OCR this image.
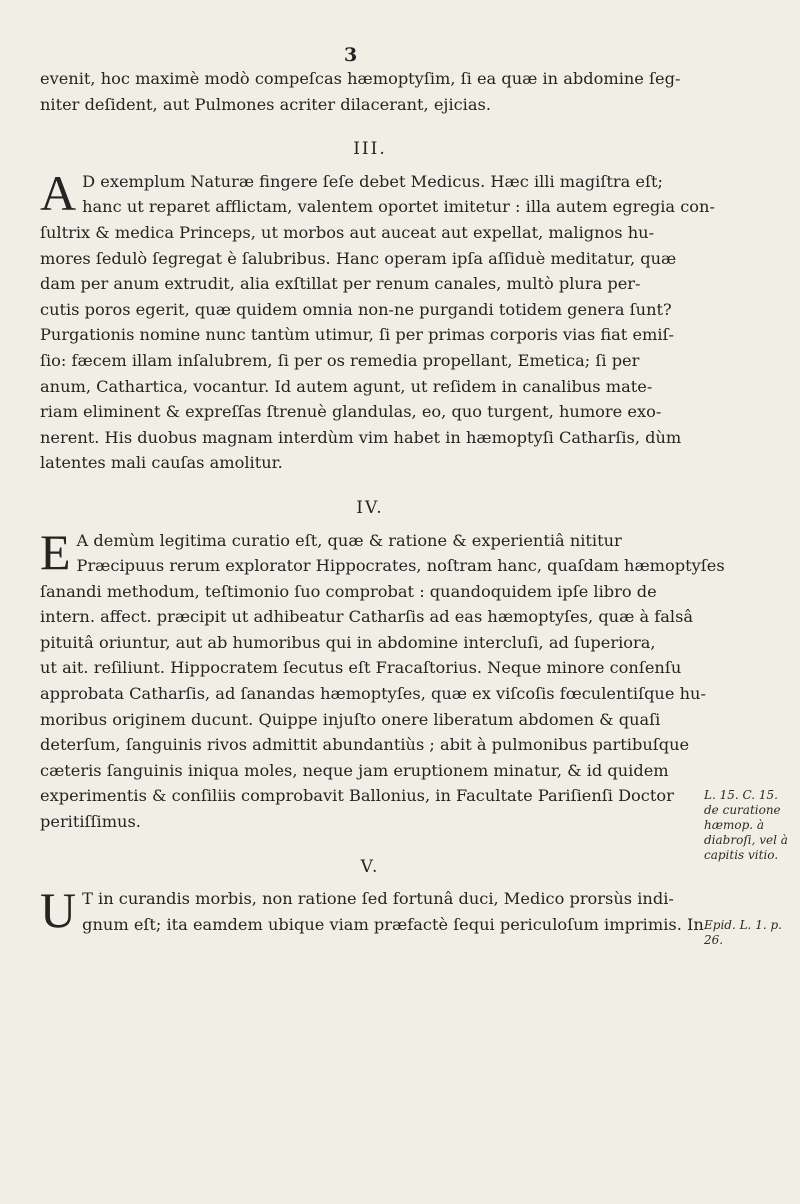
3

evenit, hoc maximè modò compeſcas hæmoptyſim, ſi ea quæ in abdomine ſeg-
niter deſident, aut Pulmones acriter dilacerant, ejicias.

III.

A D exemplum Naturæ fingere ſeſe debet Medicus. Hæc illi magiſtra eſt;
hanc ut reparet afflictam, valentem oportet imitetur : illa autem egregia con-
ſultrix & medica Princeps, ut morbos aut auceat aut expellat, malignos hu-
mores ſedulò ſegregat è ſalubribus. Hanc operam ipſa aſſiduè meditatur, quæ
dam per anum extrudit, alia exſtillat per renum canales, multò plura per-
cutis poros egerit, quæ quidem omnia non-ne purgandi totidem genera ſunt?
Purgationis nomine nunc tantùm utimur, ſi per primas corporis vias fiat emiſ-
ſio: fæcem illam inſalubrem, ſi per os remedia propellant, Emetica; ſi per
anum, Cathartica, vocantur. Id autem agunt, ut reſidem in canalibus mate-
riam eliminent & expreſſas ſtrenuè glandulas, eo, quo turgent, humore exo-
nerent. His duobus magnam interdùm vim habet in hæmoptyſi Catharſis, dùm
latentes mali cauſas amolitur.

IV.

E A demùm legitima curatio eſt, quæ & ratione & experientiâ nititur
Præcipuus rerum explorator Hippocrates, noſtram hanc, quaſdam hæmoptyſes
ſanandi methodum, teſtimonio ſuo comprobat : quandoquidem ipſe libro de
intern. affect. præcipit ut adhibeatur Catharſis ad eas hæmoptyſes, quæ à falsâ
pituitâ oriuntur, aut ab humoribus qui in abdomine intercluſi, ad ſuperiora,
ut ait. reſiliunt. Hippocratem ſecutus eſt Fracaſtorius. Neque minore conſenſu
approbata Catharſis, ad ſanandas hæmoptyſes, quæ ex viſcoſis fœculentiſque hu-
moribus originem ducunt. Quippe injuſto onere liberatum abdomen & quaſi
deterſum, ſanguinis rivos admittit abundantiùs ; abit à pulmonibus partibuſque
cæteris ſanguinis iniqua moles, neque jam eruptionem minatur, & id quidem
experimentis & conſiliis comprobavit Ballonius, in Facultate Pariſienſi Doctor
peritiſſimus.

V.

U T in curandis morbis, non ratione ſed fortunâ duci, Medico prorsùs indi-
gnum eſt; ita eamdem ubique viam præfactè ſequi periculoſum imprimis. In

L. 15. C. 15. de curatione hæmop. à diabroſi, vel à capitis vitio.
Epid. L. 1. p. 26.
